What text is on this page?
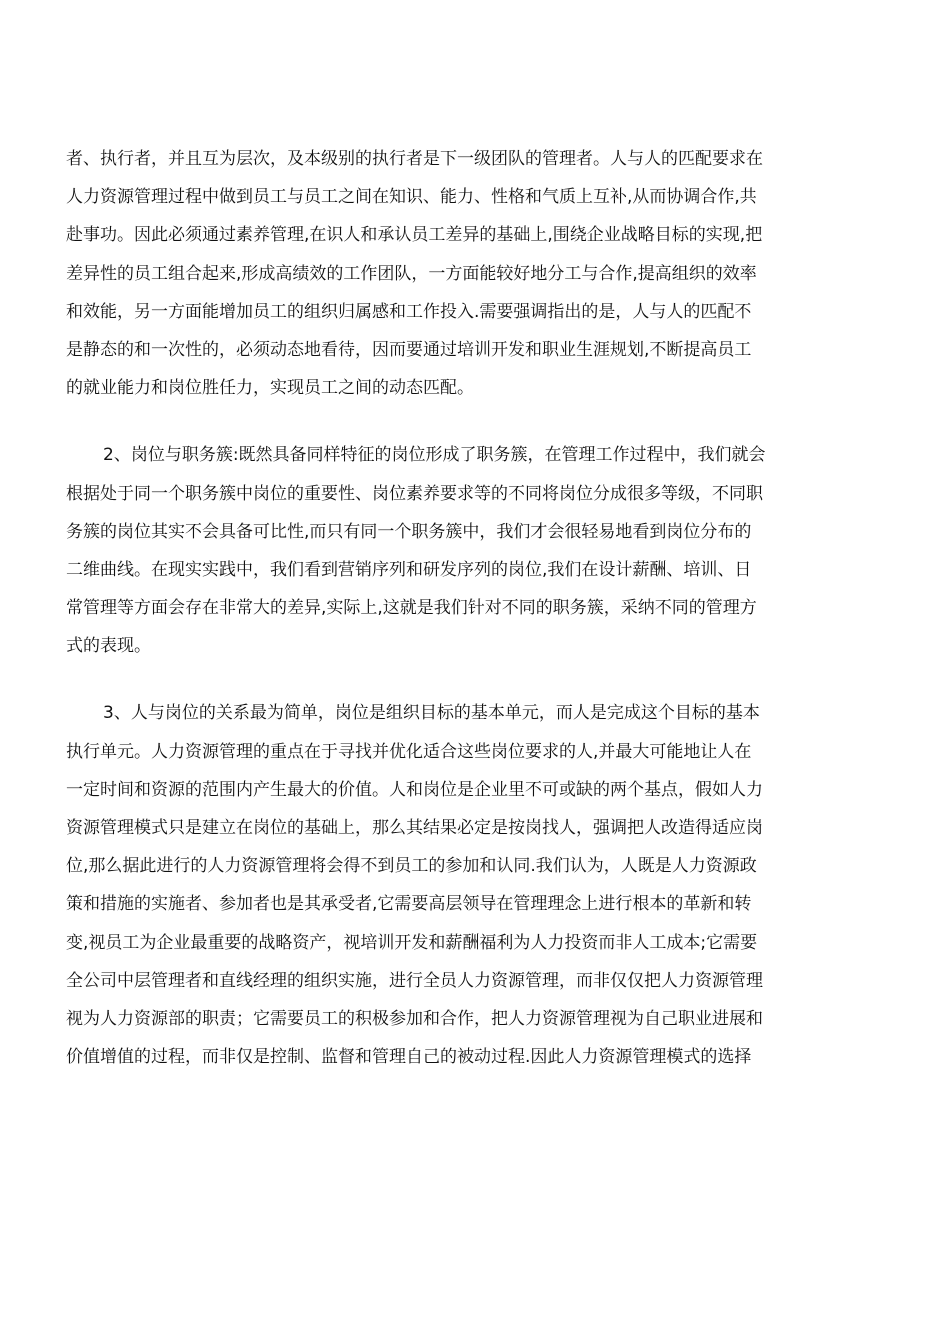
者、执行者，并且互为层次，及本级别的执行者是下一级团队的管理者。人与人的匹配要求在
人力资源管理过程中做到员工与员工之间在知识、能力、性格和气质上互补,从而协调合作,共
赴事功。因此必须通过素养管理,在识人和承认员工差异的基础上,围绕企业战略目标的实现,把
差异性的员工组合起来,形成高绩效的工作团队，一方面能较好地分工与合作,提高组织的效率
和效能，另一方面能增加员工的组织归属感和工作投入.需要强调指出的是，人与人的匹配不
是静态的和一次性的，必须动态地看待，因而要通过培训开发和职业生涯规划,不断提高员工
的就业能力和岗位胜任力，实现员工之间的动态匹配。
2、岗位与职务簇:既然具备同样特征的岗位形成了职务簇，在管理工作过程中，我们就会
根据处于同一个职务簇中岗位的重要性、岗位素养要求等的不同将岗位分成很多等级，不同职
务簇的岗位其实不会具备可比性,而只有同一个职务簇中，我们才会很轻易地看到岗位分布的
二维曲线。在现实实践中，我们看到营销序列和研发序列的岗位,我们在设计薪酬、培训、日
常管理等方面会存在非常大的差异,实际上,这就是我们针对不同的职务簇，采纳不同的管理方
式的表现。
3、人与岗位的关系最为简单，岗位是组织目标的基本单元，而人是完成这个目标的基本
执行单元。人力资源管理的重点在于寻找并优化适合这些岗位要求的人,并最大可能地让人在
一定时间和资源的范围内产生最大的价值。人和岗位是企业里不可或缺的两个基点，假如人力
资源管理模式只是建立在岗位的基础上，那么其结果必定是按岗找人，强调把人改造得适应岗
位,那么据此进行的人力资源管理将会得不到员工的参加和认同.我们认为，人既是人力资源政
策和措施的实施者、参加者也是其承受者,它需要高层领导在管理理念上进行根本的革新和转
变,视员工为企业最重要的战略资产，视培训开发和薪酬福利为人力投资而非人工成本;它需要
全公司中层管理者和直线经理的组织实施，进行全员人力资源管理，而非仅仅把人力资源管理
视为人力资源部的职责；它需要员工的积极参加和合作，把人力资源管理视为自己职业进展和
价值增值的过程，而非仅是控制、监督和管理自己的被动过程.因此人力资源管理模式的选择
